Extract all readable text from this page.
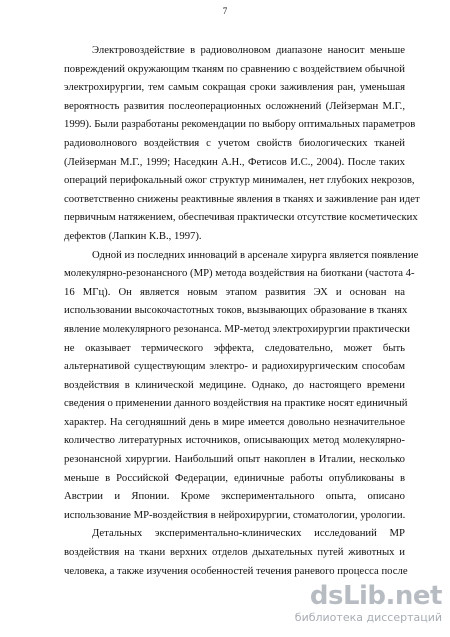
7

Электровоздействие в радиоволновом диапазоне наносит меньше
повреждений окружающим тканям по сравнению с воздействием обычной
электрохирургии, тем самым сокращая сроки заживления ран, уменьшая
вероятность развития послеоперационных осложнений (Лейзерман М.Г.,
1999). Были разработаны рекомендации по выбору оптимальных параметров
радиоволнового воздействия с учетом свойств биологических тканей
(Лейзерман М.Г., 1999; Наседкин А.Н., Фетисов И.С., 2004). После таких
операций перифокальный ожог структур минимален, нет глубоких некрозов,
соответственно снижены реактивные явления в тканях и заживление ран идет
первичным натяжением, обеспечивая практически отсутствие косметических
дефектов (Лапкин К.В., 1997).

Одной из последних инноваций в арсенале хирурга является появление
молекулярно-резонансного (МР) метода воздействия на биоткани (частота 4-
16 МГц). Он является новым этапом развития ЭХ и основан на
использовании высокочастотных токов, вызывающих образование в тканях
явление молекулярного резонанса. МР-метод электрохирургии практически
не оказывает термического эффекта, следовательно, может быть
альтернативой существующим электро- и радиохирургическим способам
воздействия в клинической медицине. Однако, до настоящего времени
сведения о применении данного воздействия на практике носят единичный
характер. На сегодняшний день в мире имеется довольно незначительное
количество литературных источников, описывающих метод молекулярно-
резонансной хирургии. Наибольший опыт накоплен в Италии, несколько
меньше в Российской Федерации, единичные работы опубликованы в
Австрии и Японии. Кроме экспериментального опыта, описано
использование МР-воздействия в нейрохирургии, стоматологии, урологии.

Детальных экспериментально-клинических исследований МР
воздействия на ткани верхних отделов дыхательных путей животных и
человека, а также изучения особенностей течения раневого процесса после

dsLib.net
библиотека диссертаций
